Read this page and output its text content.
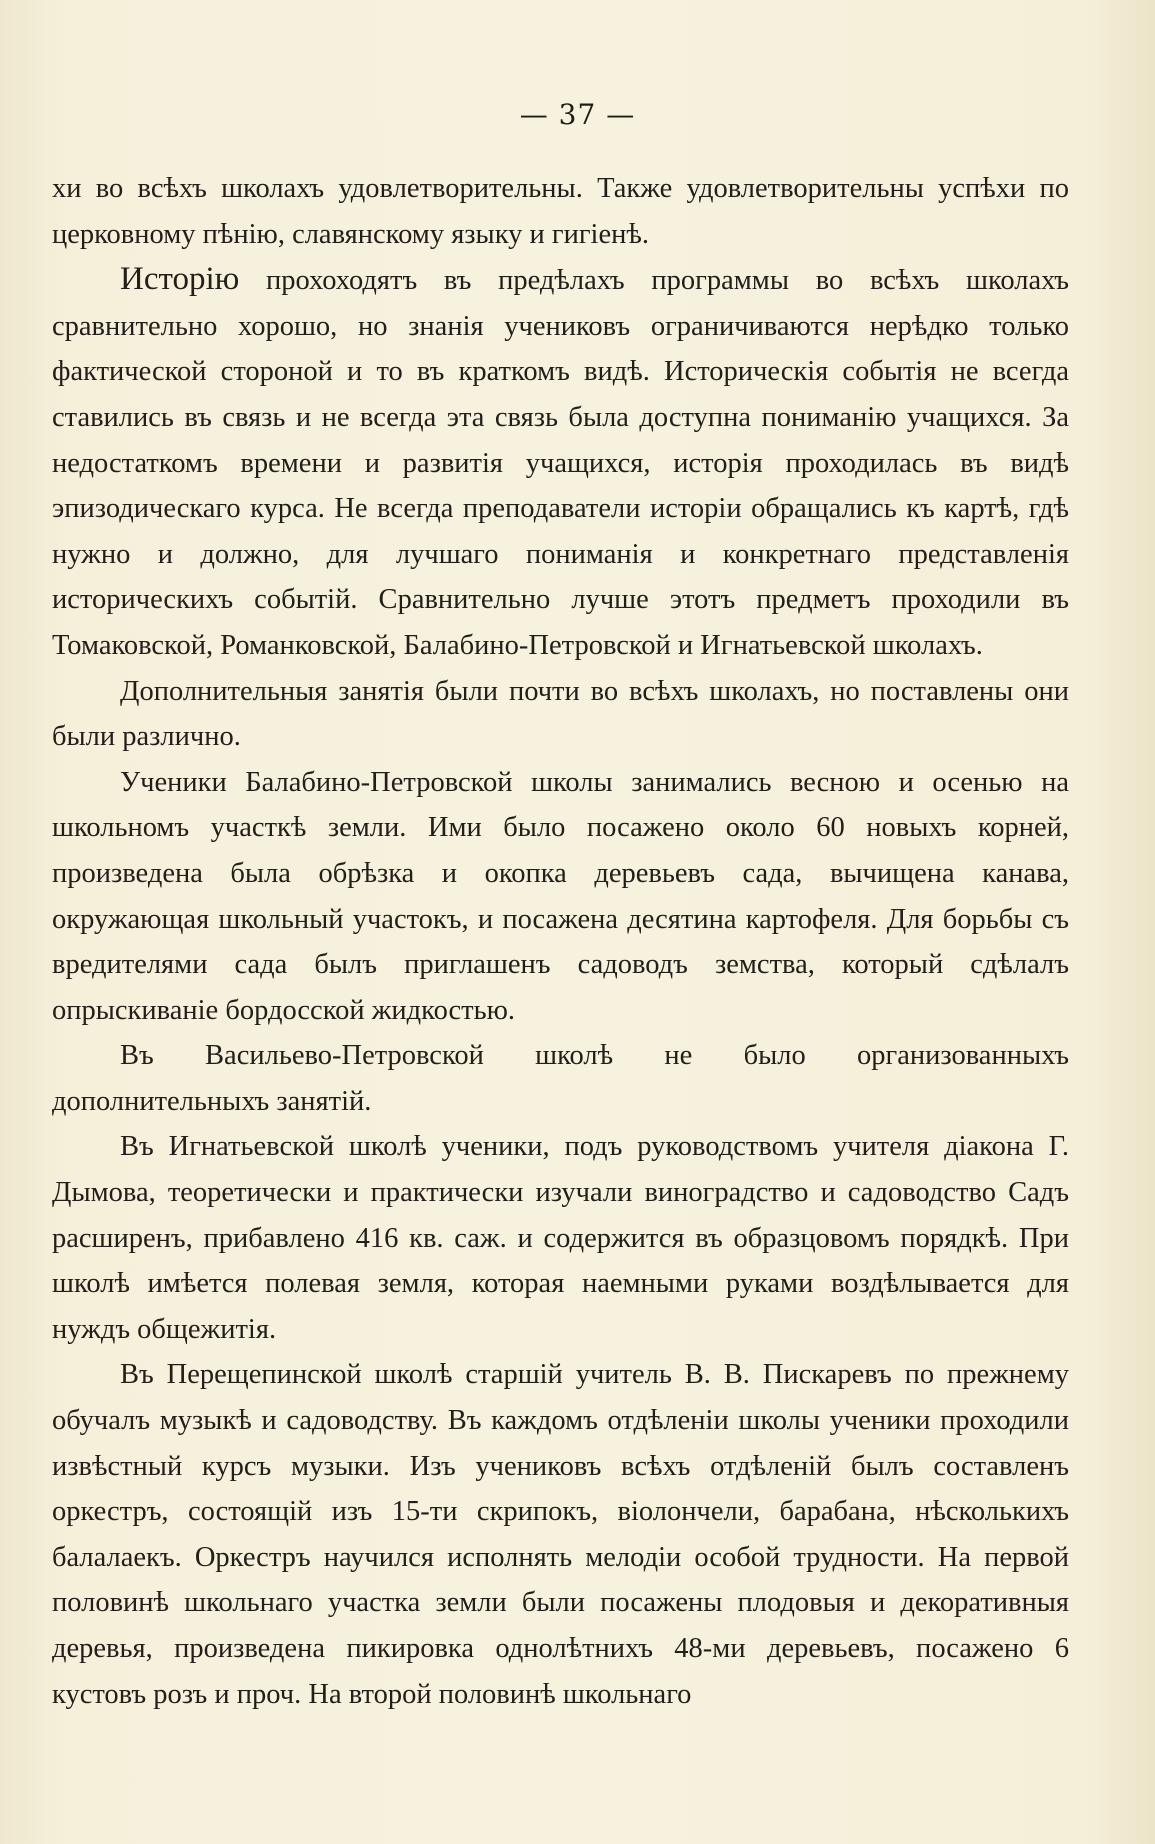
— 37 —

хи во всѣхъ школахъ удовлетворительны. Также удовлетворительны успѣхи по церковному пѣнію, славянскому языку и гигіенѣ.

Исторію прохоходятъ въ предѣлахъ программы во всѣхъ школахъ сравнительно хорошо, но знанія учениковъ ограничиваются нерѣдко только фактической стороной и то въ краткомъ видѣ. Историческія событія не всегда ставились въ связь и не всегда эта связь была доступна пониманію учащихся. За недостаткомъ времени и развитія учащихся, исторія проходилась въ видѣ эпизодическаго курса. Не всегда преподаватели исторіи обращались къ картѣ, гдѣ нужно и должно, для лучшаго пониманія и конкретнаго представленія историческихъ событій. Сравнительно лучше этотъ предметъ проходили въ Томаковской, Романковской, Балабино-Петровской и Игнатьевской школахъ.

Дополнительныя занятія были почти во всѣхъ школахъ, но поставлены они были различно.

Ученики Балабино-Петровской школы занимались весною и осенью на школьномъ участкѣ земли. Ими было посажено около 60 новыхъ корней, произведена была обрѣзка и окопка деревьевъ сада, вычищена канава, окружающая школьный участокъ, и посажена десятина картофеля. Для борьбы съ вредителями сада былъ приглашенъ садоводъ земства, который сдѣлалъ опрыскиваніе бордосской жидкостью.

Въ Васильево-Петровской школѣ не было организованныхъ дополнительныхъ занятій.

Въ Игнатьевской школѣ ученики, подъ руководствомъ учителя діакона Г. Дымова, теоретически и практически изучали виноградство и садоводство Садъ расширенъ, прибавлено 416 кв. саж. и содержится въ образцовомъ порядкѣ. При школѣ имѣется полевая земля, которая наемными руками воздѣлывается для нуждъ общежитія.

Въ Перещепинской школѣ старшій учитель В. В. Пискаревъ по прежнему обучалъ музыкѣ и садоводству. Въ каждомъ отдѣленіи школы ученики проходили извѣстный курсъ музыки. Изъ учениковъ всѣхъ отдѣленій былъ составленъ оркестръ, состоящій изъ 15-ти скрипокъ, віолончели, барабана, нѣсколькихъ балалаекъ. Оркестръ научился исполнять мелодіи особой трудности. На первой половинѣ школьнаго участка земли были посажены плодовыя и декоративныя деревья, произведена пикировка однолѣтнихъ 48-ми деревьевъ, посажено 6 кустовъ розъ и проч. На второй половинѣ школьнаго
